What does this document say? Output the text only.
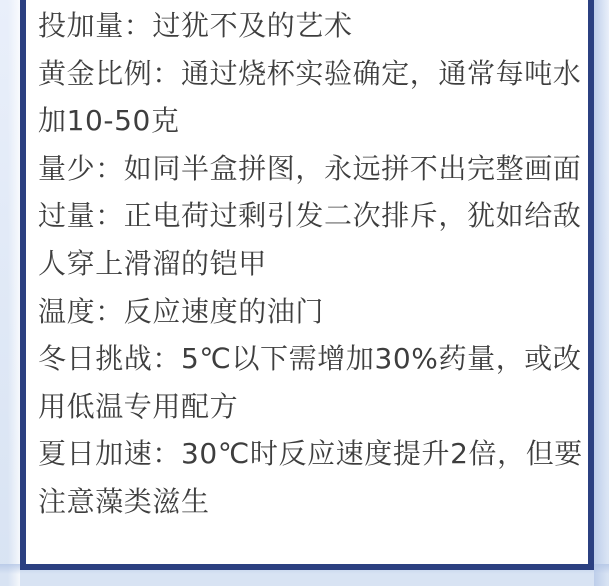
投加量：过犹不及的艺术
黄金比例：通过烧杯实验确定，通常每吨水
加10-50克
量少：如同半盒拼图，永远拼不出完整画面
过量：正电荷过剩引发二次排斥，犹如给敌
人穿上滑溜的铠甲
温度：反应速度的油门
冬日挑战：5℃以下需增加30%药量，或改
用低温专用配方
夏日加速：30℃时反应速度提升2倍，但要
注意藻类滋生
